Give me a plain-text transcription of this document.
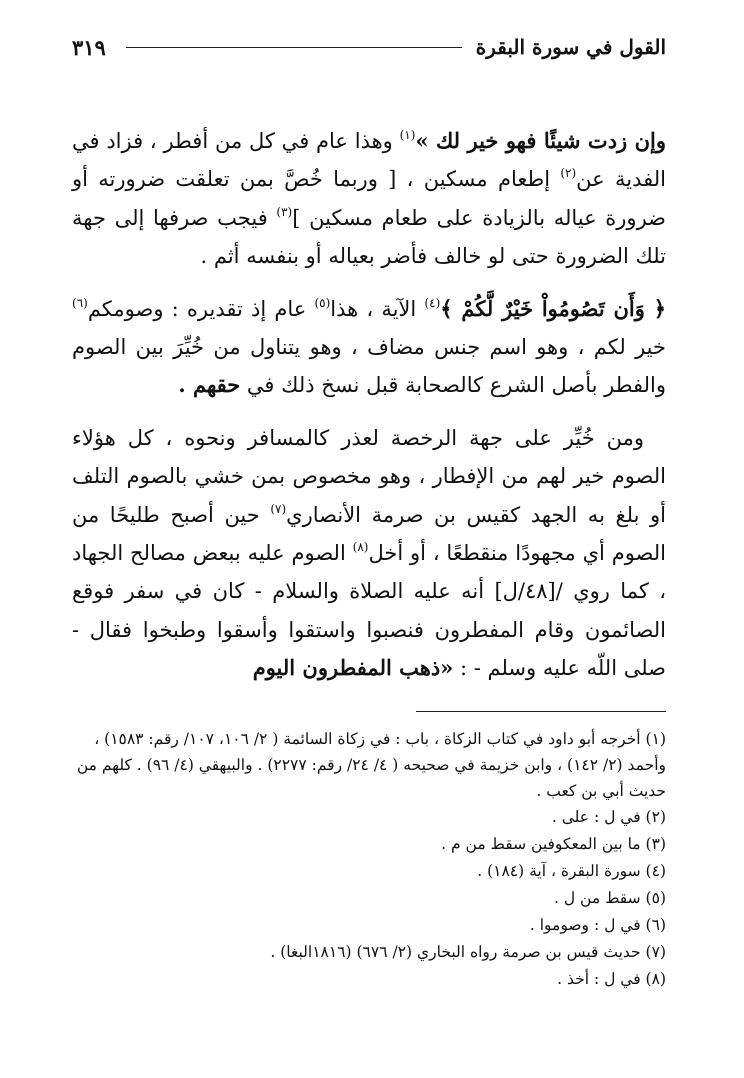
القول في سورة البقرة
٣١٩

وإن زدت شيئًا فهو خير لك »$^{(١)}$ وهذا عام في كل من أفطر ، فزاد في الفدية عن$^{(٢)}$ إطعام مسكين ، [ وربما خُصَّ بمن تعلقت ضرورته أو ضرورة عياله بالزيادة على طعام مسكين ]$^{(٣)}$ فيجب صرفها إلى جهة تلك الضرورة حتى لو خالف فأضر بعياله أو بنفسه أثم .

﴿ وَأَن تَصُومُواْ خَيْرٌ لَّكُمْ ﴾$^{(٤)}$ الآية ، هذا$^{(٥)}$ عام إذ تقديره : وصومكم$^{(٦)}$ خير لكم ، وهو اسم جنس مضاف ، وهو يتناول من خُيِّرَ بين الصوم والفطر بأصل الشرع كالصحابة قبل نسخ ذلك في حقهم .

ومن خُيِّر على جهة الرخصة لعذر كالمسافر ونحوه ، كل هؤلاء الصوم خير لهم من الإفطار ، وهو مخصوص بمن خشي بالصوم التلف أو بلغ به الجهد كقيس بن صرمة الأنصاري$^{(٧)}$ حين أصبح طليحًا من الصوم أي مجهودًا منقطعًا ، أو أخل$^{(٨)}$ الصوم عليه ببعض مصالح الجهاد ، كما روي /[٤٨/ل] أنه عليه الصلاة والسلام - كان في سفر فوقع الصائمون وقام المفطرون فنصبوا واستقوا وأسقوا وطبخوا فقال - صلى اللّه عليه وسلم - : «ذهب المفطرون اليوم

(١) أخرجه أبو داود في كتاب الزكاة ، باب : في زكاة السائمة ( ٢/ ١٠٦، ١٠٧/ رقم: ١٥٨٣) ، وأحمد (٢/ ١٤٢) ، وابن خزيمة في صحيحه ( ٤/ ٢٤/ رقم: ٢٢٧٧) . والبيهقي (٤/ ٩٦) . كلهم من حديث أبي بن كعب .

(٢) في ل : على .

(٣) ما بين المعكوفين سقط من م .

(٤) سورة البقرة ، آية (١٨٤) .

(٥) سقط من ل .

(٦) في ل : وصوموا .

(٧) حديث قيس بن صرمة رواه البخاري (٢/ ٦٧٦) (١٨١٦البغا) .

(٨) في ل : أخذ .
